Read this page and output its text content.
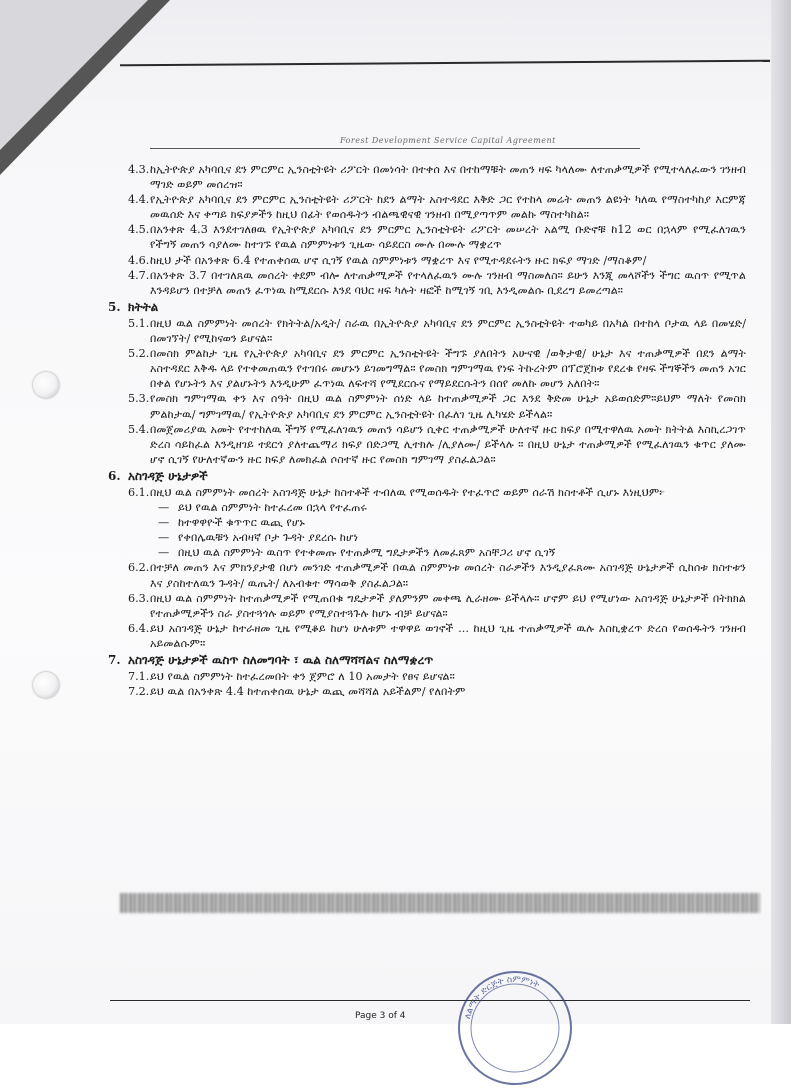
Forest Development Service Capital Agreement

4.3. ከኢትዮጵያ አካባቢና ደን ምርምር ኢንስቲትዩት ሪፖርት በመነሳት በተቀሰ እና በተከማቹት መጠን ዛፍ ካላለሙ ለተጠቃሚዎች የሚተላለፈውን ገንዘብ ማገድ ወይም መሰረዝ።

4.4. የኢትዮጵያ አካባቢና ደን ምርምር ኢንስቲትዩት ሪፖርት ከደን ልማት አስተዳደር እቅድ ጋር የተከላ መሬት መጠን ልዩነት ካለዉ የማስተካከያ እርምጃ መዉሰድ እና ቀጣይ ክፍያዎችን ከዚህ በፊት የወሰዱትን ብልጫዊናዊ ገንዘብ በሚያጣጥም መልኩ ማስተካከል።

4.5. በአንቀጽ 4.3 እንደተገለፀዉ የኢትዮጵያ አካባቢና ደን ምርምር ኢንስቲትዩት ሪፖርት መሠረት አልሚ ቡድኖቹ ከ12 ወር በኋላም የሚፈለገዉን የችግኝ መጠን ሳያለሙ ከተገኙ የዉል ስምምነቱን ጊዜው ሳይደርስ ሙሉ በሙሉ ማቋረጥ

4.6. ከዚህ ታች በአንቀጽ 6.4 የተጠቀሰዉ ሆኖ ሲገኝ የዉል ስምምነቱን ማቋረጥ እና የሚተዳደሩትን ዙር ክፍያ ማገድ /ማስቆም/

4.7. በአንቀጽ 3.7 በተገለጸዉ መሰረት ቀደም ብሎ ለተጠቃሚዎች የተላለፈዉን ሙሉ ገንዘብ ማስመለስ። ይሁን እንጂ መላሾችን ችግር ዉስጥ የሚጥል እንዳይሆን በተቻለ መጠን ፈጥነዉ ከሚደርሱ እንደ ባህር ዛፍ ካሉት ዛፎች ከሚገኝ ገቢ እንዲመልሱ ቢደረግ ይመረጣል።

5. ክትትል

5.1. በዚህ ዉል ስምምነት መሰረት የክትትል/አዲት/ ስራዉ በኢትዮጵያ አካባቢና ደን ምርምር ኢንስቲትዩት ተወካይ በአካል በተከላ ቦታዉ ላይ በመሄድ/ በመገኘት/ የሚከናወን ይሆናል።

5.2. በመስክ ምልከታ ጊዜ የኢትዮጵያ አካባቢና ደን ምርምር ኢንስቲትዩት ችግኙ ያለበትን አሁናዊ /ወቅታዊ/ ሁኔታ እና ተጠቃሚዎች በደን ልማት አስተዳደር እቅዱ ላይ የተቀመጠዉን የተገበሩ መሆኑን ይገመግማል። የመስክ ግምገማዉ የነፍ ትኩረትም በፕሮጀክቱ የደረቁ የዛፍ ችግኞችን መጠን አገር በቀል የሆኑትን እና ያልሆኑትን እንዲሁም ፈጥነዉ ለፍተሻ የሚደርሱና የማይደርሱትን በሰየ መለኩ መሆን አለበት።

5.3. የመስክ ግምገማዉ ቀን እና ሰዓት በዚህ ዉል ስምምነት ሰነድ ላይ ከተጠቃሚዎች ጋር እንደ ቅድመ ሁኔታ አይወሰድም።ይህም ማለት የመስክ ምልከታዉ/ ግምገማዉ/ የኢትዮጵያ አካባቢና ደን ምርምር ኢንስቲትዩት በፈለገ ጊዜ ሊካሄድ ይችላል።

5.4. በመጀመሪያዉ አመት የተተከለዉ ችግኝ የሚፈለገዉን መጠን ሳይሆን ሲቀር ተጠቃሚዎች ሁለተኛ ዙር ክፍያ በሚተዋለዉ አመት ክትትል እስኪረጋገጥ ድረስ ሳይከፈል እንዲዘገይ ተደርጎ ያለተጨማሪ ክፍያ በድጋሚ ሊተክሉ /ሊያለሙ/ ይችላሉ ። በዚህ ሁኔታ ተጠቃሚዎች የሚፈለገዉን ቁጥር ያለሙ ሆኖ ሲገኝ የሁለተኛውን ዙር ክፍያ ለመክፈል ሶስተኛ ዙር የመስክ ግምገማ ያስፈልጋል።

6. አስገዳጅ ሁኔታዎች

6.1. በዚህ ዉል ስምምነት መሰረት አስገዳጅ ሁኔታ ከስተቶች ተብለዉ የሚወሰዱት የተፈጥሮ ወይም ሰራሽ ክስተቶች ሲሆኑ እነዚህም፦

— ይህ የዉል ስምምነት ከተፈረመ በኋላ የተፈጠሩ

— ከተዋዋዮች ቁጥጥር ዉጪ የሆኑ

— የቀበሌዉቹን አብዛኛ ቦታ ጉዳት ያደረሱ ከሆነ

— በዚህ ዉል ስምምነት ዉስጥ የተቀመጡ የተጠቃሚ ግዴታዎችን ለመፈጸም አስቸጋሪ ሆኖ ሲገኝ

6.2. በተቻለ መጠን እና ምክንያታዊ በሆነ መንገድ ተጠቃሚዎች በዉል ስምምነቱ መሰረት ስራዎችን እንዲያፈጸሙ አስገዳጅ ሁኔታዎች ሲከሰቱ ክስተቱን እና ያስከተለዉን ጉዳት/ ዉጤት/ ለአብቁተ ማሳወቅ ያስፈልጋል።

6.3. በዚህ ዉል ስምምነት ከተጠቃሚዎች የሚጠበቁ ግዴታዎች ያለምንም መቀጫ ሊራዘሙ ይችላሉ። ሆኖም ይህ የሚሆነው አስገዳጅ ሁኔታዎች በትክክል የተጠቃሚዎችን ስራ ያስተጓጎሉ ወይም የሚያስተጓጉሉ ከሆኑ ብቻ ይሆናል።

6.4. ይህ አስገዳጅ ሁኔታ ከተራዘመ ጊዜ የሚቆይ ከሆነ ሁለቱም ተዋዋይ ወገኖች ... ከዚህ ጊዜ ተጠቃሚዎች ዉሉ እስኪቋረጥ ድረስ የወሰዱትን ገንዘብ አይመልሱም።

7. አስገዳጅ ሁኔታዎች ዉስጥ ስለመግባት ፣ ዉል ስለማሻሻልና ስለማቋረጥ

7.1. ይህ የዉል ስምምነት ከተፈረመበት ቀን ጀምሮ ለ 10 አመታት የፀና ይሆናል።

7.2. ይህ ዉል በአንቀጽ 4.4 ከተጠቀሰዉ ሁኔታ ዉጪ መሻሻል አይችልም/ የለበትም

Page 3 of 4	ለልማት ድርጅት ስምምነት
